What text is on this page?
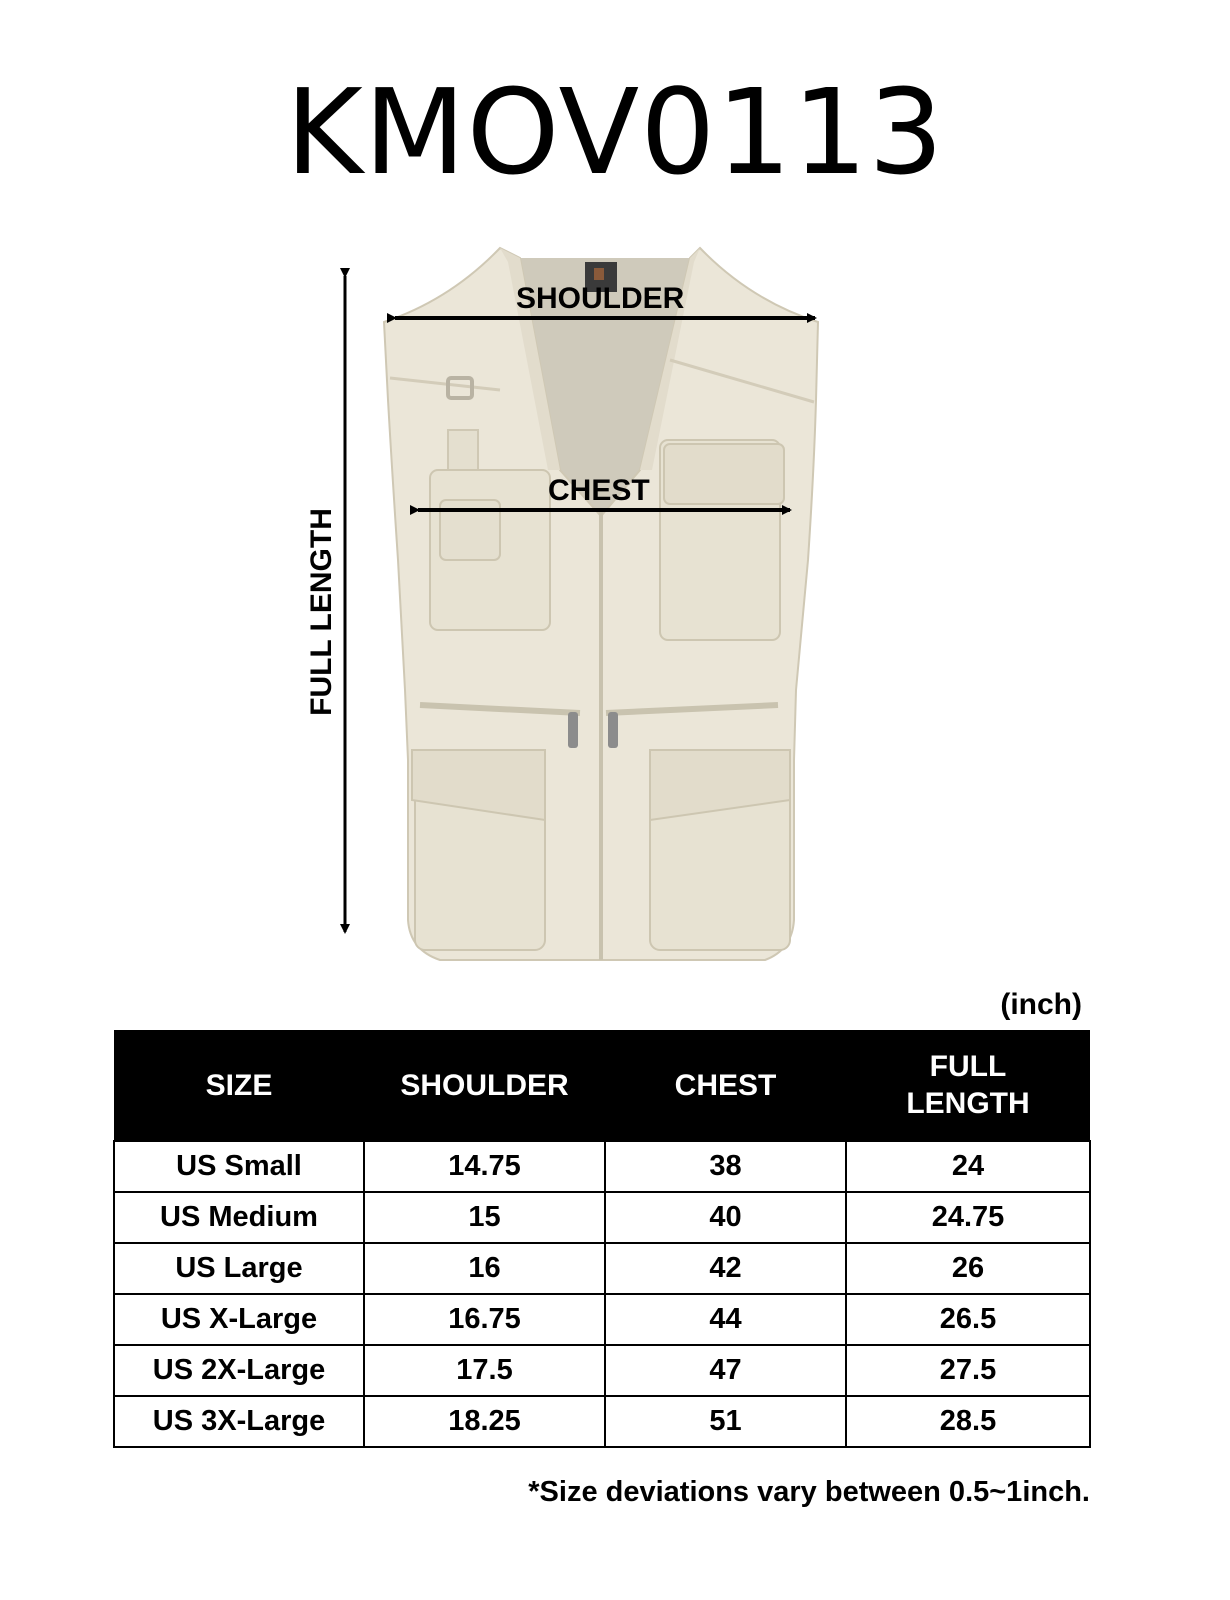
KMOV0113
SHOULDER
CHEST
FULL LENGTH
(inch)
SIZE	SHOULDER	CHEST	FULL LENGTH
US Small	14.75	38	24
US Medium	15	40	24.75
US Large	16	42	26
US X-Large	16.75	44	26.5
US 2X-Large	17.5	47	27.5
US 3X-Large	18.25	51	28.5
*Size deviations vary between 0.5~1inch.
